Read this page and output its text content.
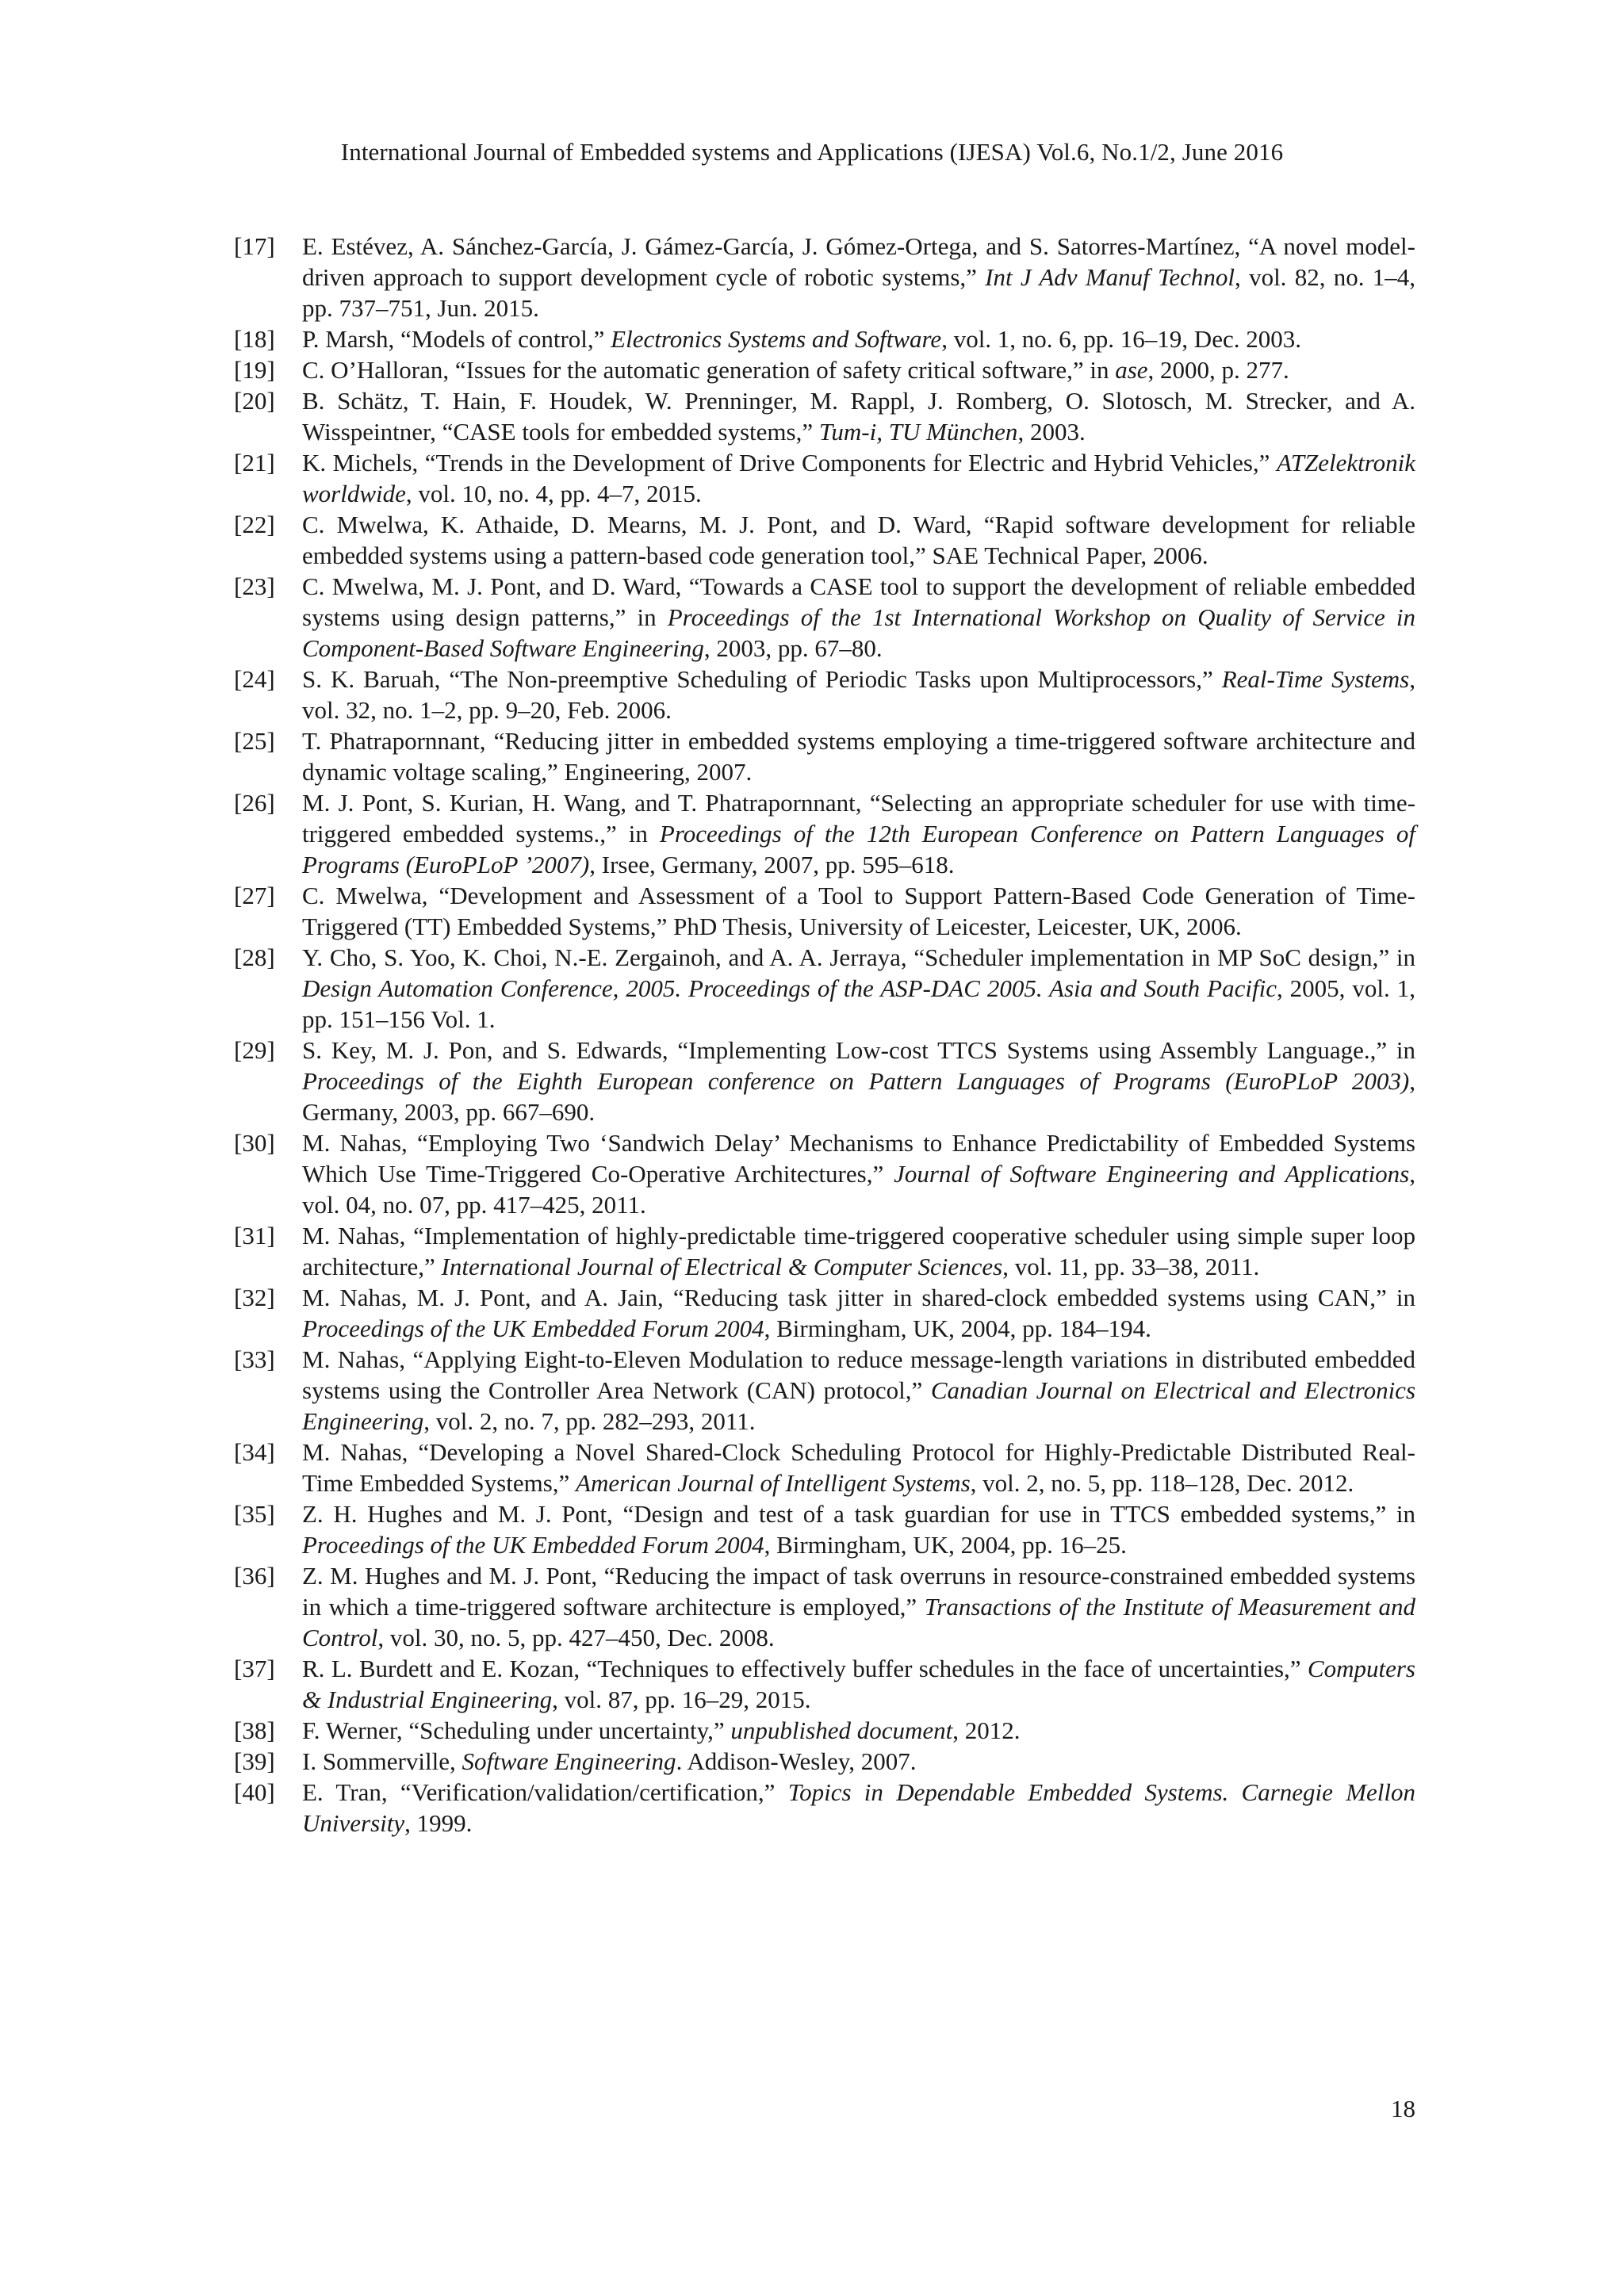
International Journal of Embedded systems and Applications (IJESA) Vol.6, No.1/2, June 2016
[17]	E. Estévez, A. Sánchez-García, J. Gámez-García, J. Gómez-Ortega, and S. Satorres-Martínez, “A novel model-driven approach to support development cycle of robotic systems,” Int J Adv Manuf Technol, vol. 82, no. 1–4, pp. 737–751, Jun. 2015.
[18]	P. Marsh, “Models of control,” Electronics Systems and Software, vol. 1, no. 6, pp. 16–19, Dec. 2003.
[19]	C. O’Halloran, “Issues for the automatic generation of safety critical software,” in ase, 2000, p. 277.
[20]	B. Schätz, T. Hain, F. Houdek, W. Prenninger, M. Rappl, J. Romberg, O. Slotosch, M. Strecker, and A. Wisspeintner, “CASE tools for embedded systems,” Tum-i, TU München, 2003.
[21]	K. Michels, “Trends in the Development of Drive Components for Electric and Hybrid Vehicles,” ATZelektronik worldwide, vol. 10, no. 4, pp. 4–7, 2015.
[22]	C. Mwelwa, K. Athaide, D. Mearns, M. J. Pont, and D. Ward, “Rapid software development for reliable embedded systems using a pattern-based code generation tool,” SAE Technical Paper, 2006.
[23]	C. Mwelwa, M. J. Pont, and D. Ward, “Towards a CASE tool to support the development of reliable embedded systems using design patterns,” in Proceedings of the 1st International Workshop on Quality of Service in Component-Based Software Engineering, 2003, pp. 67–80.
[24]	S. K. Baruah, “The Non-preemptive Scheduling of Periodic Tasks upon Multiprocessors,” Real-Time Systems, vol. 32, no. 1–2, pp. 9–20, Feb. 2006.
[25]	T. Phatrapornnant, “Reducing jitter in embedded systems employing a time-triggered software architecture and dynamic voltage scaling,” Engineering, 2007.
[26]	M. J. Pont, S. Kurian, H. Wang, and T. Phatrapornnant, “Selecting an appropriate scheduler for use with time-triggered embedded systems.,” in Proceedings of the 12th European Conference on Pattern Languages of Programs (EuroPLoP ’2007), Irsee, Germany, 2007, pp. 595–618.
[27]	C. Mwelwa, “Development and Assessment of a Tool to Support Pattern-Based Code Generation of Time-Triggered (TT) Embedded Systems,” PhD Thesis, University of Leicester, Leicester, UK, 2006.
[28]	Y. Cho, S. Yoo, K. Choi, N.-E. Zergainoh, and A. A. Jerraya, “Scheduler implementation in MP SoC design,” in Design Automation Conference, 2005. Proceedings of the ASP-DAC 2005. Asia and South Pacific, 2005, vol. 1, pp. 151–156 Vol. 1.
[29]	S. Key, M. J. Pon, and S. Edwards, “Implementing Low-cost TTCS Systems using Assembly Language.,” in Proceedings of the Eighth European conference on Pattern Languages of Programs (EuroPLoP 2003), Germany, 2003, pp. 667–690.
[30]	M. Nahas, “Employing Two ‘Sandwich Delay’ Mechanisms to Enhance Predictability of Embedded Systems Which Use Time-Triggered Co-Operative Architectures,” Journal of Software Engineering and Applications, vol. 04, no. 07, pp. 417–425, 2011.
[31]	M. Nahas, “Implementation of highly-predictable time-triggered cooperative scheduler using simple super loop architecture,” International Journal of Electrical & Computer Sciences, vol. 11, pp. 33–38, 2011.
[32]	M. Nahas, M. J. Pont, and A. Jain, “Reducing task jitter in shared-clock embedded systems using CAN,” in Proceedings of the UK Embedded Forum 2004, Birmingham, UK, 2004, pp. 184–194.
[33]	M. Nahas, “Applying Eight-to-Eleven Modulation to reduce message-length variations in distributed embedded systems using the Controller Area Network (CAN) protocol,” Canadian Journal on Electrical and Electronics Engineering, vol. 2, no. 7, pp. 282–293, 2011.
[34]	M. Nahas, “Developing a Novel Shared-Clock Scheduling Protocol for Highly-Predictable Distributed Real-Time Embedded Systems,” American Journal of Intelligent Systems, vol. 2, no. 5, pp. 118–128, Dec. 2012.
[35]	Z. H. Hughes and M. J. Pont, “Design and test of a task guardian for use in TTCS embedded systems,” in Proceedings of the UK Embedded Forum 2004, Birmingham, UK, 2004, pp. 16–25.
[36]	Z. M. Hughes and M. J. Pont, “Reducing the impact of task overruns in resource-constrained embedded systems in which a time-triggered software architecture is employed,” Transactions of the Institute of Measurement and Control, vol. 30, no. 5, pp. 427–450, Dec. 2008.
[37]	R. L. Burdett and E. Kozan, “Techniques to effectively buffer schedules in the face of uncertainties,” Computers & Industrial Engineering, vol. 87, pp. 16–29, 2015.
[38]	F. Werner, “Scheduling under uncertainty,” unpublished document, 2012.
[39]	I. Sommerville, Software Engineering. Addison-Wesley, 2007.
[40]	E. Tran, “Verification/validation/certification,” Topics in Dependable Embedded Systems. Carnegie Mellon University, 1999.
18
